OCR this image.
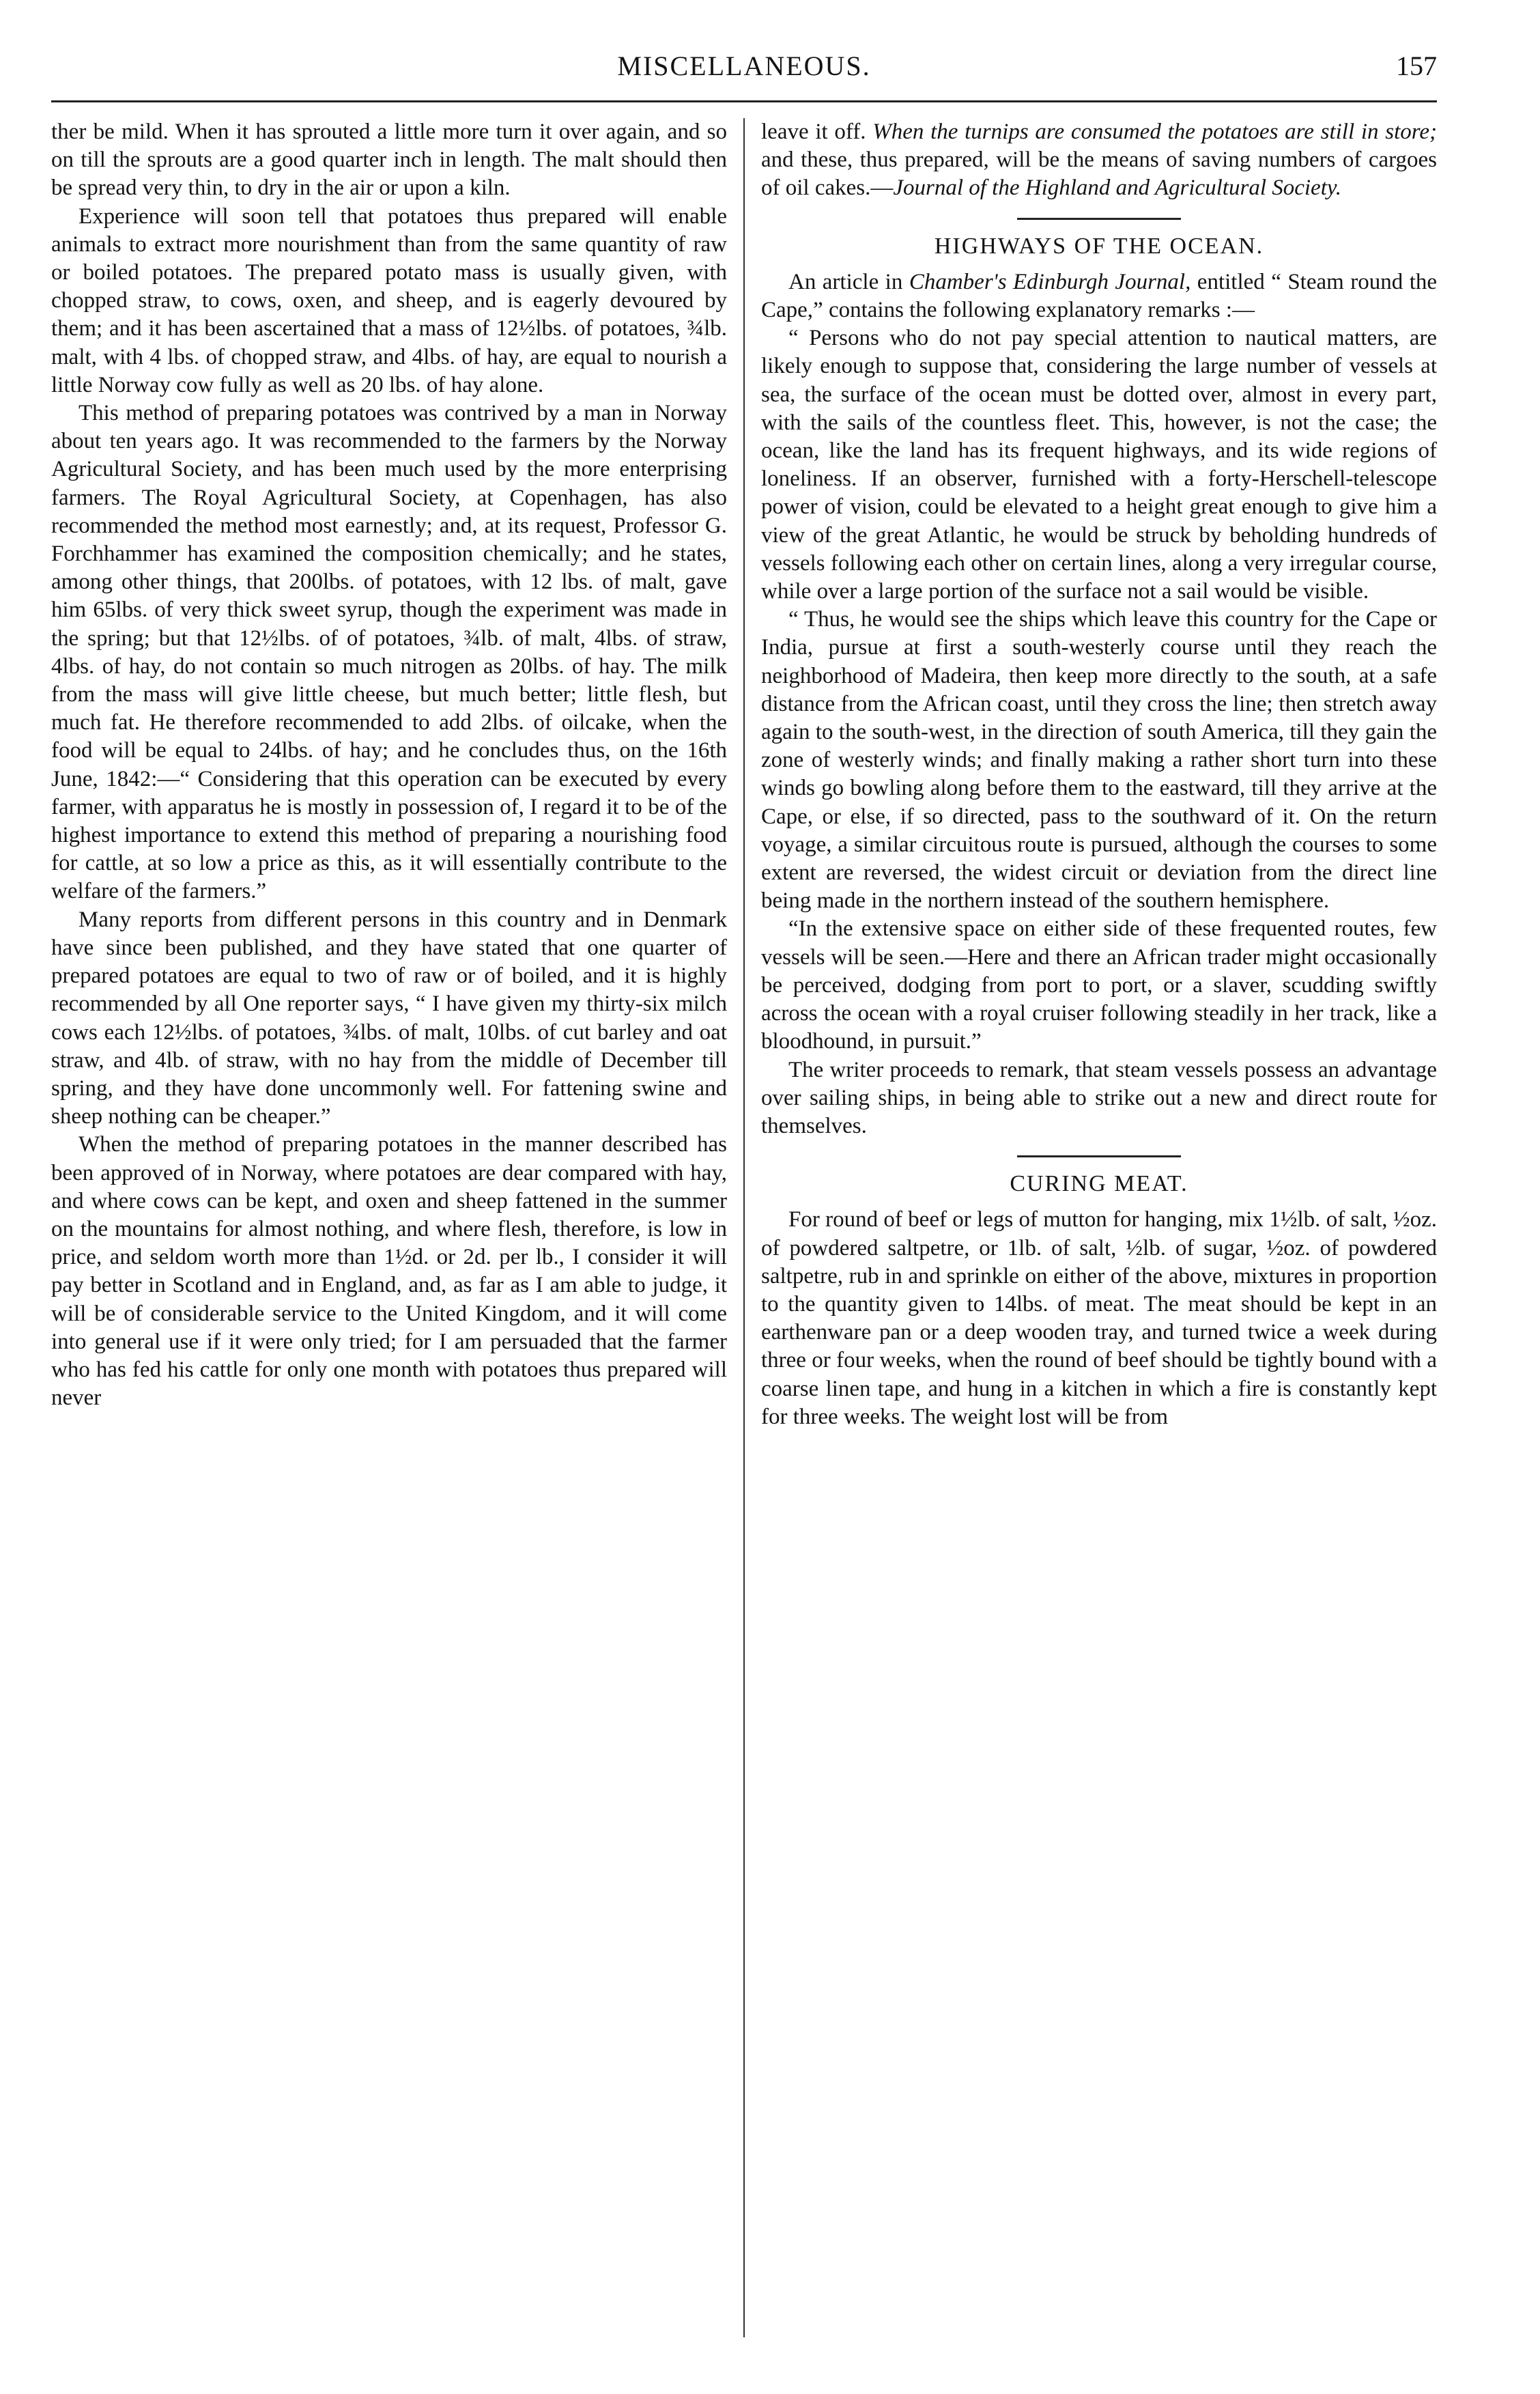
MISCELLANEOUS.	157

ther be mild. When it has sprouted a little more turn it over again, and so on till the sprouts are a good quarter inch in length. The malt should then be spread very thin, to dry in the air or upon a kiln.

Experience will soon tell that potatoes thus prepared will enable animals to extract more nourishment than from the same quantity of raw or boiled potatoes. The prepared potato mass is usually given, with chopped straw, to cows, oxen, and sheep, and is eagerly devoured by them; and it has been ascertained that a mass of 12½lbs. of potatoes, ¾lb. malt, with 4 lbs. of chopped straw, and 4lbs. of hay, are equal to nourish a little Norway cow fully as well as 20 lbs. of hay alone.

This method of preparing potatoes was contrived by a man in Norway about ten years ago. It was recommended to the farmers by the Norway Agricultural Society, and has been much used by the more enterprising farmers. The Royal Agricultural Society, at Copenhagen, has also recommended the method most earnestly; and, at its request, Professor G. Forchhammer has examined the composition chemically; and he states, among other things, that 200lbs. of potatoes, with 12 lbs. of malt, gave him 65lbs. of very thick sweet syrup, though the experiment was made in the spring; but that 12½lbs. of of potatoes, ¾lb. of malt, 4lbs. of straw, 4lbs. of hay, do not contain so much nitrogen as 20lbs. of hay. The milk from the mass will give little cheese, but much better; little flesh, but much fat. He therefore recommended to add 2lbs. of oilcake, when the food will be equal to 24lbs. of hay; and he concludes thus, on the 16th June, 1842:—“ Considering that this operation can be executed by every farmer, with apparatus he is mostly in possession of, I regard it to be of the highest importance to extend this method of preparing a nourishing food for cattle, at so low a price as this, as it will essentially contribute to the welfare of the farmers.”

Many reports from different persons in this country and in Denmark have since been published, and they have stated that one quarter of prepared potatoes are equal to two of raw or of boiled, and it is highly recommended by all One reporter says, “ I have given my thirty-six milch cows each 12½lbs. of potatoes, ¾lbs. of malt, 10lbs. of cut barley and oat straw, and 4lb. of straw, with no hay from the middle of December till spring, and they have done uncommonly well. For fattening swine and sheep nothing can be cheaper.”

When the method of preparing potatoes in the manner described has been approved of in Norway, where potatoes are dear compared with hay, and where cows can be kept, and oxen and sheep fattened in the summer on the mountains for almost nothing, and where flesh, therefore, is low in price, and seldom worth more than 1½d. or 2d. per lb., I consider it will pay better in Scotland and in England, and, as far as I am able to judge, it will be of considerable service to the United Kingdom, and it will come into general use if it were only tried; for I am persuaded that the farmer who has fed his cattle for only one month with potatoes thus prepared will never

leave it off. When the turnips are consumed the potatoes are still in store; and these, thus prepared, will be the means of saving numbers of cargoes of oil cakes.—Journal of the Highland and Agricultural Society.

HIGHWAYS OF THE OCEAN.

An article in Chamber's Edinburgh Journal, entitled “ Steam round the Cape,” contains the following explanatory remarks :—

“ Persons who do not pay special attention to nautical matters, are likely enough to suppose that, considering the large number of vessels at sea, the surface of the ocean must be dotted over, almost in every part, with the sails of the countless fleet. This, however, is not the case; the ocean, like the land has its frequent highways, and its wide regions of loneliness. If an observer, furnished with a forty-Herschell-telescope power of vision, could be elevated to a height great enough to give him a view of the great Atlantic, he would be struck by beholding hundreds of vessels following each other on certain lines, along a very irregular course, while over a large portion of the surface not a sail would be visible.

“ Thus, he would see the ships which leave this country for the Cape or India, pursue at first a south-westerly course until they reach the neighborhood of Madeira, then keep more directly to the south, at a safe distance from the African coast, until they cross the line; then stretch away again to the south-west, in the direction of south America, till they gain the zone of westerly winds; and finally making a rather short turn into these winds go bowling along before them to the eastward, till they arrive at the Cape, or else, if so directed, pass to the southward of it. On the return voyage, a similar circuitous route is pursued, although the courses to some extent are reversed, the widest circuit or deviation from the direct line being made in the northern instead of the southern hemisphere.

“In the extensive space on either side of these frequented routes, few vessels will be seen.—Here and there an African trader might occasionally be perceived, dodging from port to port, or a slaver, scudding swiftly across the ocean with a royal cruiser following steadily in her track, like a bloodhound, in pursuit.”

The writer proceeds to remark, that steam vessels possess an advantage over sailing ships, in being able to strike out a new and direct route for themselves.

CURING MEAT.

For round of beef or legs of mutton for hanging, mix 1½lb. of salt, ½oz. of powdered saltpetre, or 1lb. of salt, ½lb. of sugar, ½oz. of powdered saltpetre, rub in and sprinkle on either of the above, mixtures in proportion to the quantity given to 14lbs. of meat. The meat should be kept in an earthenware pan or a deep wooden tray, and turned twice a week during three or four weeks, when the round of beef should be tightly bound with a coarse linen tape, and hung in a kitchen in which a fire is constantly kept for three weeks. The weight lost will be from
